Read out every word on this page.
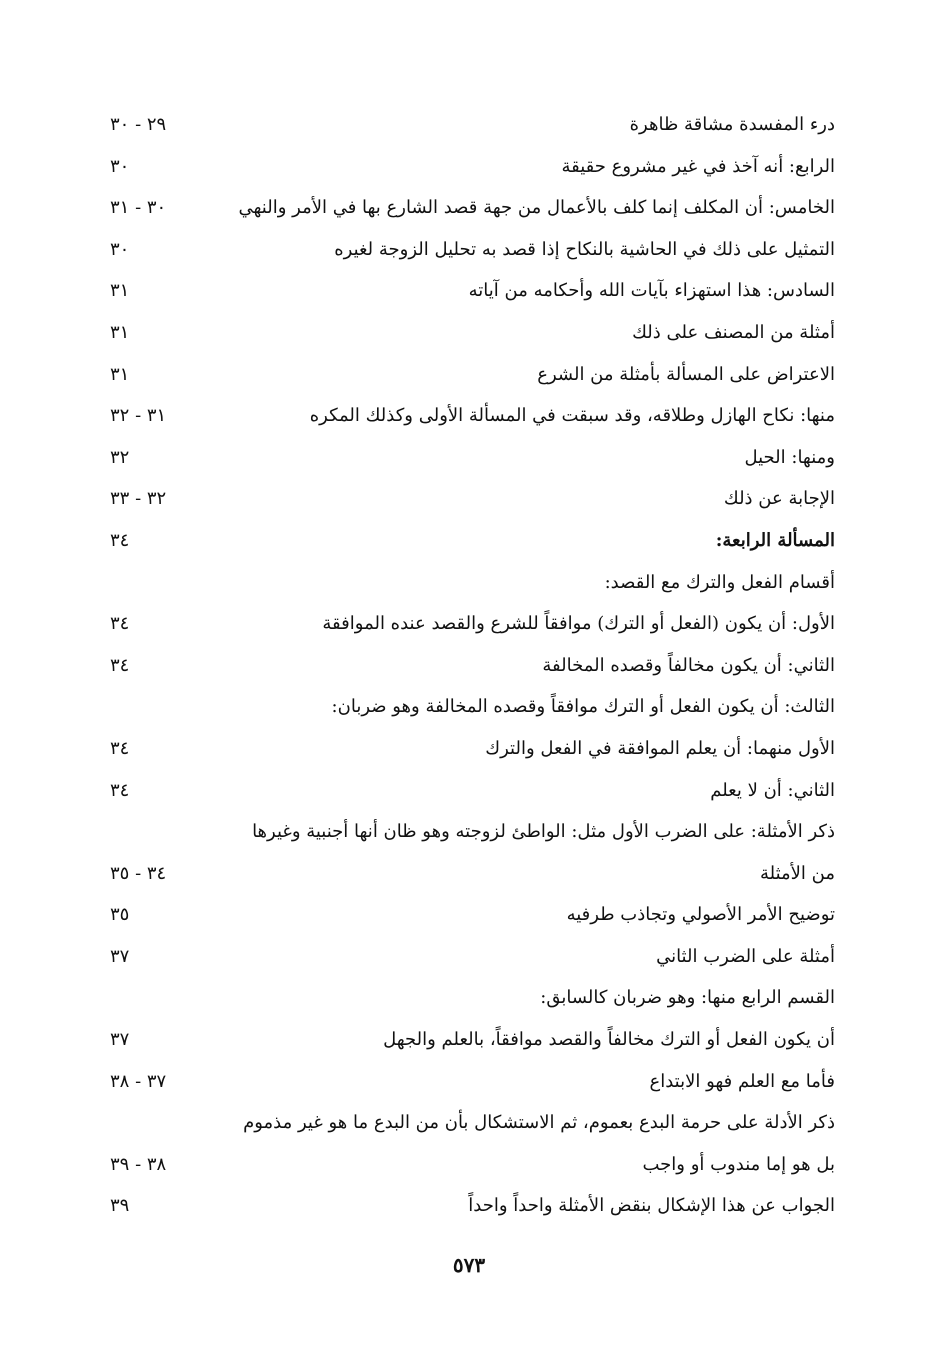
درء المفسدة مشاقة ظاهرة
٢٩ - ٣٠
الرابع: أنه آخذ في غير مشروع حقيقة
٣٠
الخامس: أن المكلف إنما كلف بالأعمال من جهة قصد الشارع بها في الأمر والنهي
٣٠ - ٣١
التمثيل على ذلك في الحاشية بالنكاح إذا قصد به تحليل الزوجة لغيره
٣٠
السادس: هذا استهزاء بآيات الله وأحكامه من آياته
٣١
أمثلة من المصنف على ذلك
٣١
الاعتراض على المسألة بأمثلة من الشرع
٣١
منها: نكاح الهازل وطلاقه، وقد سبقت في المسألة الأولى وكذلك المكره
٣١ - ٣٢
ومنها: الحيل
٣٢
الإجابة عن ذلك
٣٢ - ٣٣
المسألة الرابعة:
٣٤
أقسام الفعل والترك مع القصد:
الأول: أن يكون (الفعل أو الترك) موافقاً للشرع والقصد عنده الموافقة
٣٤
الثاني: أن يكون مخالفاً وقصده المخالفة
٣٤
الثالث: أن يكون الفعل أو الترك موافقاً وقصده المخالفة وهو ضربان:
الأول منهما: أن يعلم الموافقة في الفعل والترك
٣٤
الثاني: أن لا يعلم
٣٤
ذكر الأمثلة: على الضرب الأول مثل: الواطئ لزوجته وهو ظان أنها أجنبية وغيرها
من الأمثلة
٣٤ - ٣٥
توضيح الأمر الأصولي وتجاذب طرفيه
٣٥
أمثلة على الضرب الثاني
٣٧
القسم الرابع منها: وهو ضربان كالسابق:
أن يكون الفعل أو الترك مخالفاً والقصد موافقاً، بالعلم والجهل
٣٧
فأما مع العلم فهو الابتداع
٣٧ - ٣٨
ذكر الأدلة على حرمة البدع بعموم، ثم الاستشكال بأن من البدع ما هو غير مذموم
بل هو إما مندوب أو واجب
٣٨ - ٣٩
الجواب عن هذا الإشكال بنقض الأمثلة واحداً واحداً
٣٩
٥٧٣
